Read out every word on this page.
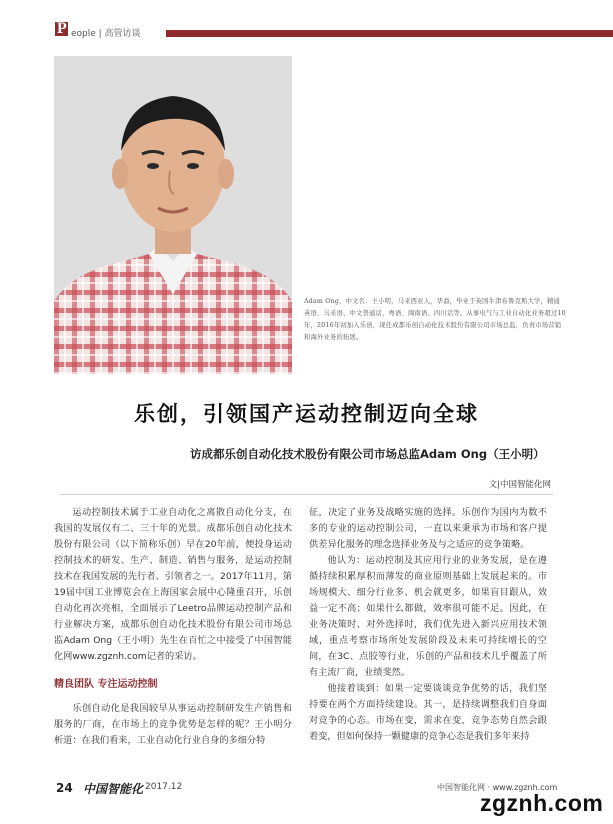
P eople | 高管访谈
Adam Ong，中文名：王小明，马来西亚人，华裔，毕业于英国牛津布鲁克斯大学，精通英语、马来语、中文普通话、粤语、闽南语、四川话等。从事电气与工业自动化业务超过10年，2016年初加入乐创，现任成都乐创自动化技术股份有限公司市场总监，负责市场营销和海外业务的拓展。
乐创，引领国产运动控制迈向全球
访成都乐创自动化技术股份有限公司市场总监Adam Ong（王小明）
文|中国智能化网

运动控制技术属于工业自动化之离散自动化分支，在我国的发展仅有二、三十年的光景。成都乐创自动化技术股份有限公司（以下简称乐创）早在20年前，便投身运动控制技术的研发、生产、制造、销售与服务，是运动控制技术在我国发展的先行者、引领者之一。2017年11月，第19届中国工业博览会在上海国家会展中心隆重召开，乐创自动化再次亮相，全面展示了Leetro品牌运动控制产品和行业解决方案，成都乐创自动化技术股份有限公司市场总监Adam Ong（王小明）先生在百忙之中接受了中国智能化网www.zgznh.com记者的采访。

精良团队 专注运动控制

乐创自动化是我国较早从事运动控制研发生产销售和服务的厂商，在市场上的竞争优势是怎样的呢？王小明分析道：在我们看来，工业自动化行业自身的多细分特

征，决定了业务及战略实施的选择。乐创作为国内为数不多的专业的运动控制公司，一直以来秉承为市场和客户提供差异化服务的理念选择业务及与之适应的竞争策略。

他认为：运动控制及其应用行业的业务发展，是在遵循持续积累厚积而薄发的商业原则基础上发展起来的。市场规模大、细分行业多、机会就更多，如果盲目跟从，效益一定不高；如果什么都做，效率很可能不足。因此，在业务决策时、对外选择时，我们优先进入新兴应用技术领域，重点考察市场所处发展阶段及未来可持续增长的空间，在3C、点胶等行业，乐创的产品和技术几乎覆盖了所有主流厂商，业绩斐然。

他接着谈到：如果一定要谈谈竞争优势的话，我们坚持要在两个方面持续建设。其一，是持续调整我们自身面对竞争的心态。市场在变，需求在变，竞争态势自然会跟着变，但如何保持一颗健康的竞争心态是我们多年来持

24 中国智能化 2017.12	中国智能化网 · www.zgznh.com
zgznh.com
